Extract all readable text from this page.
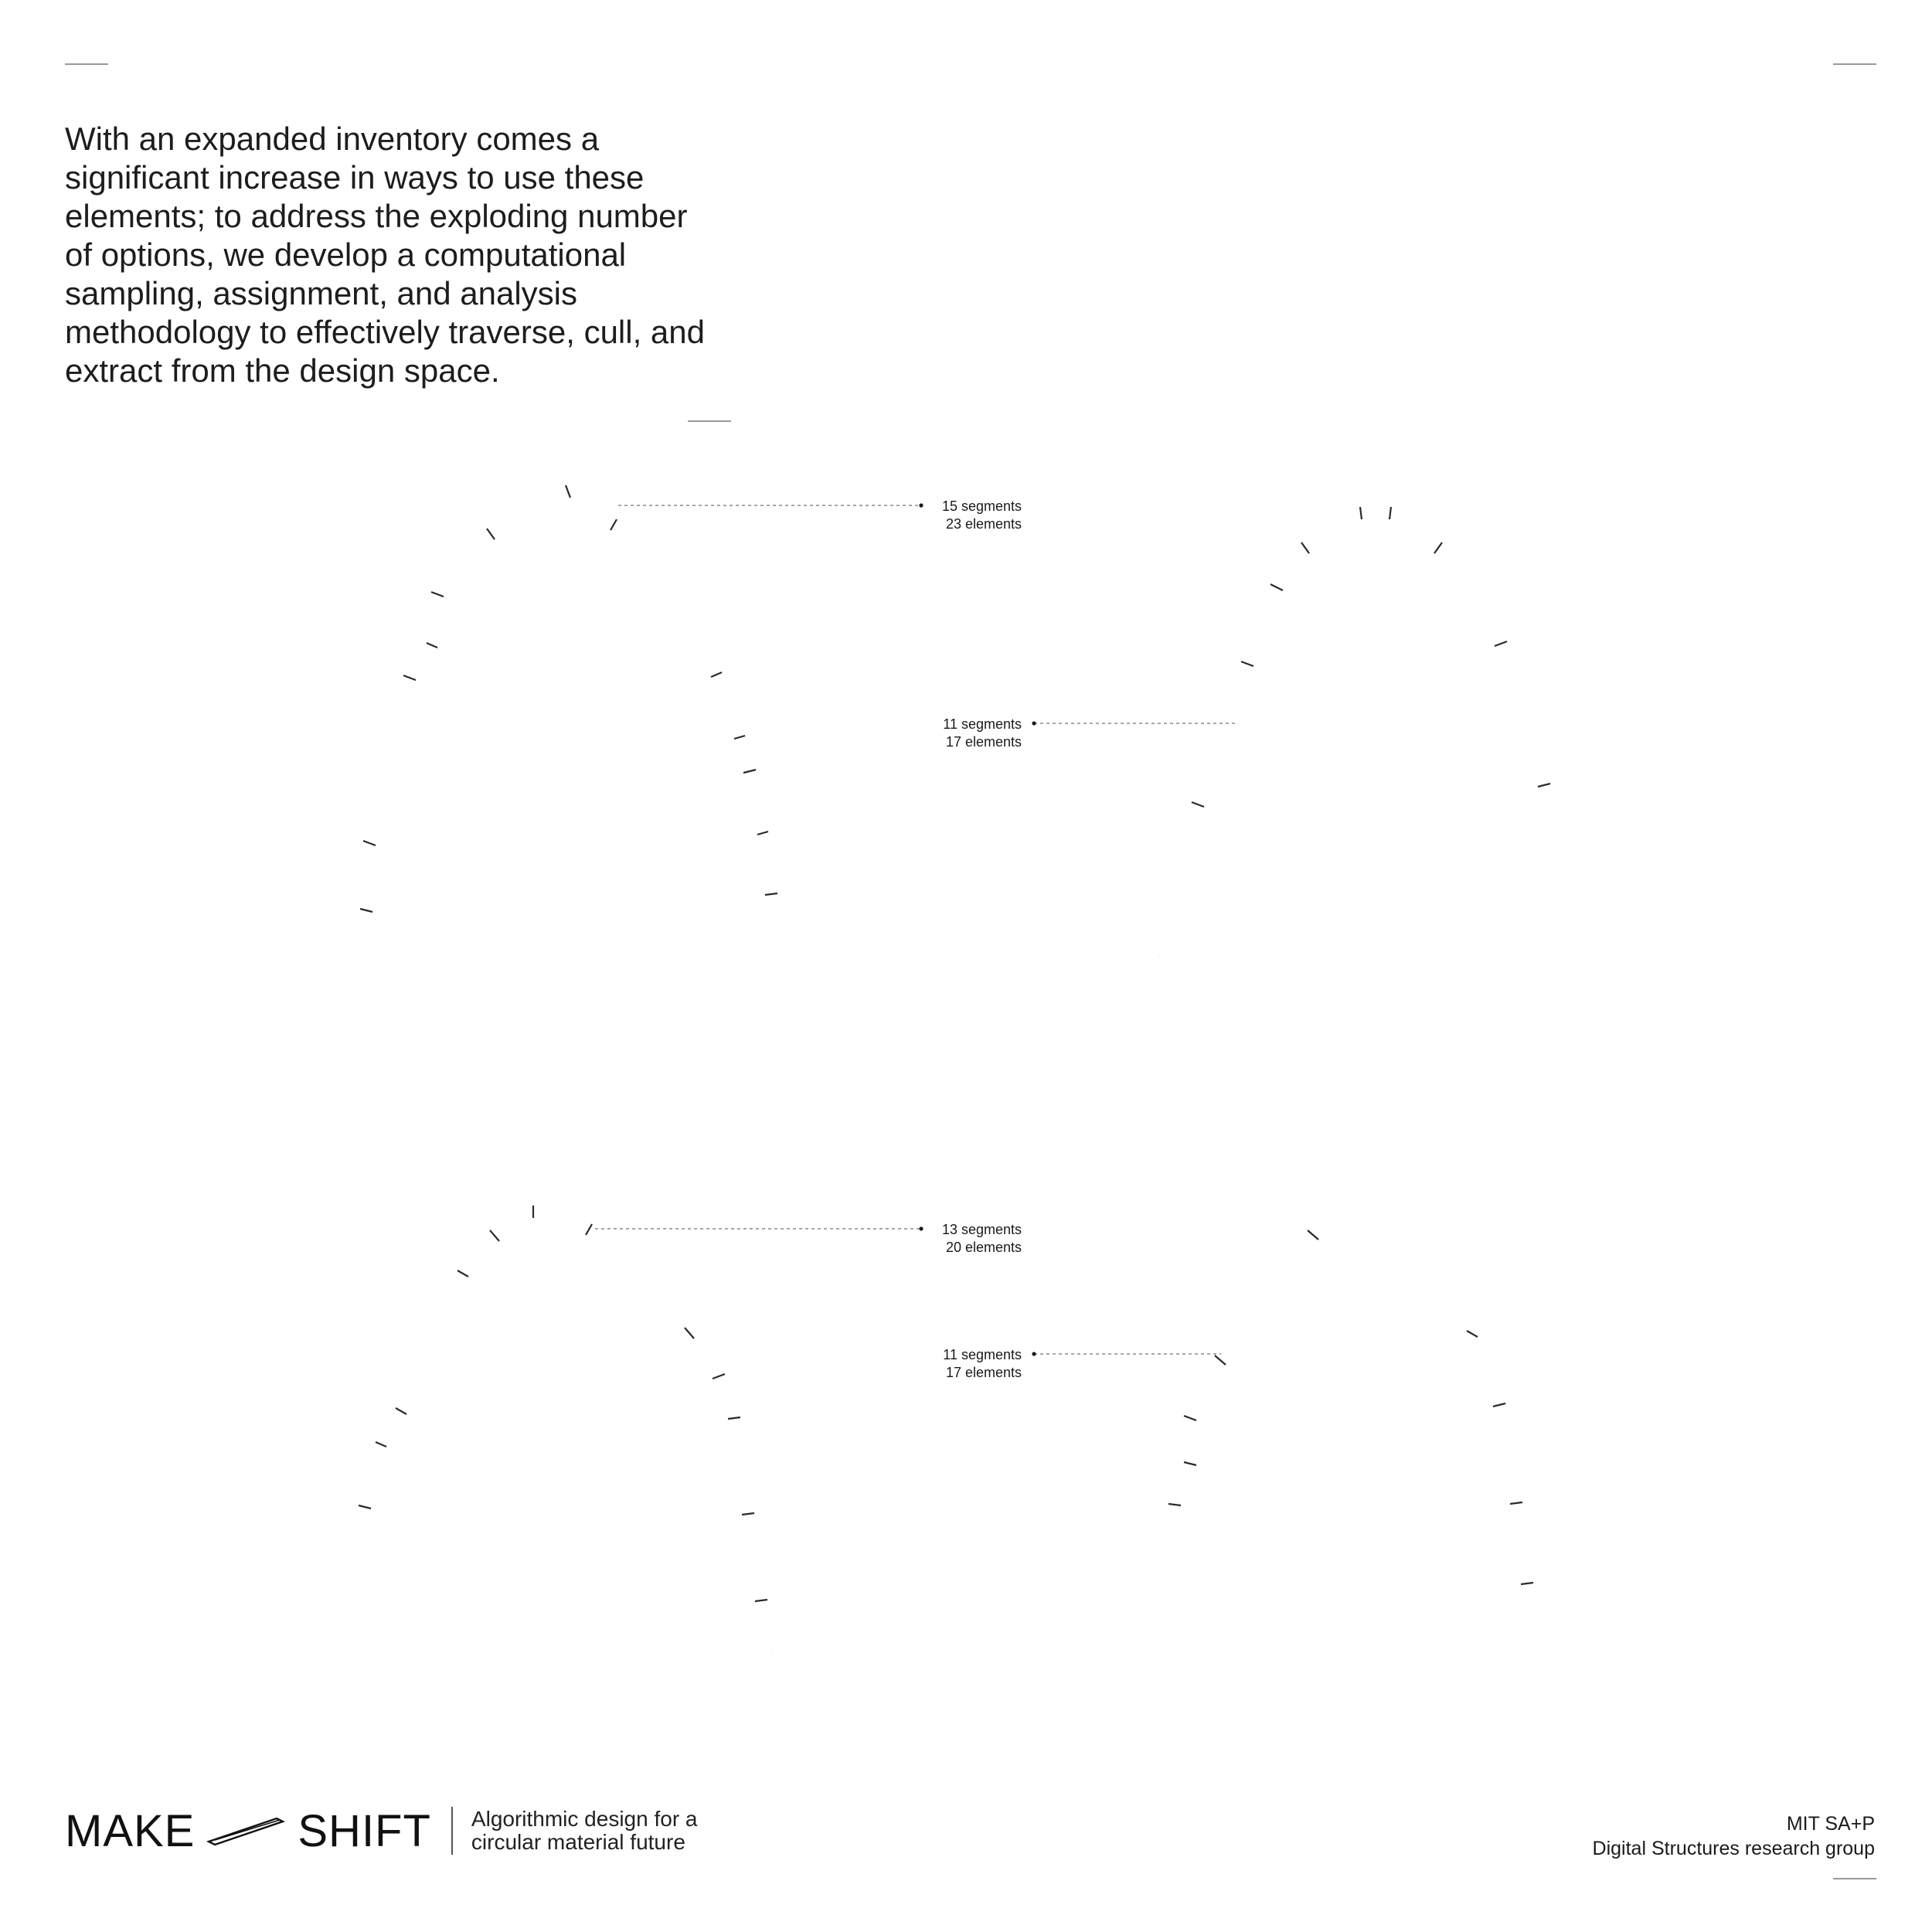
With an expanded inventory comes a
significant increase in ways to use these
elements; to address the exploding number
of options, we develop a computational
sampling, assignment, and analysis
methodology to effectively traverse, cull, and
extract from the design space.
15 segments
23 elements
11 segments
17 elements
13 segments
20 elements
11 segments
17 elements
MAKE SHIFT Algorithmic design for a
circular material future
MIT SA+P
Digital Structures research group
